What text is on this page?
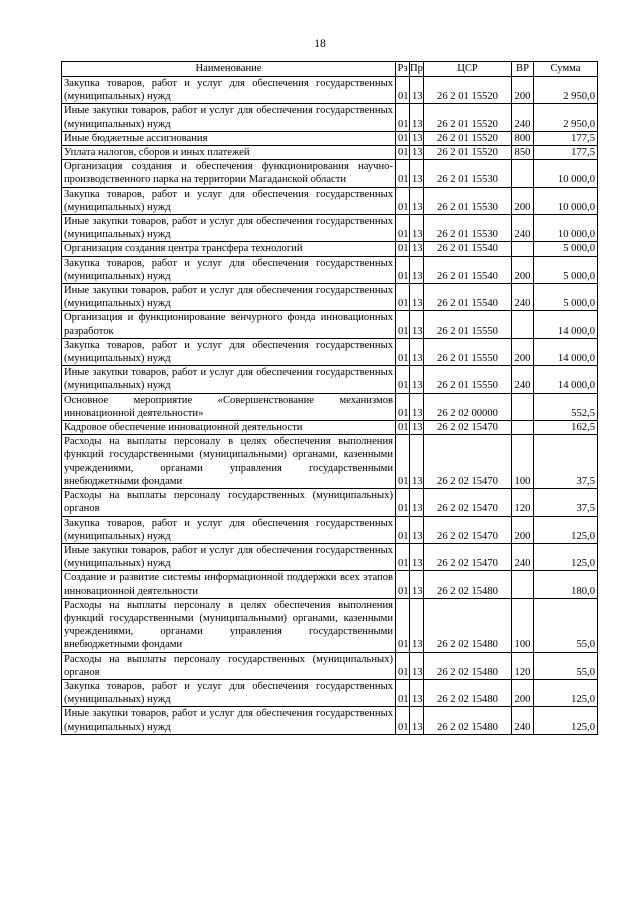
18
Наименование	Рз	Пр	ЦСР	ВР	Сумма
Закупка товаров, работ и услуг для обеспечения государственных (муниципальных) нужд	01	13	26 2 01 15520	200	2 950,0
Иные закупки товаров, работ и услуг для обеспечения государственных (муниципальных) нужд	01	13	26 2 01 15520	240	2 950,0
Иные бюджетные ассигнования	01	13	26 2 01 15520	800	177,5
Уплата налогов, сборов и иных платежей	01	13	26 2 01 15520	850	177,5
Организация создания и обеспечения функционирования научно-производственного парка на территории Магаданской области	01	13	26 2 01 15530		10 000,0
Закупка товаров, работ и услуг для обеспечения государственных (муниципальных) нужд	01	13	26 2 01 15530	200	10 000,0
Иные закупки товаров, работ и услуг для обеспечения государственных (муниципальных) нужд	01	13	26 2 01 15530	240	10 000,0
Организация создания центра трансфера технологий	01	13	26 2 01 15540		5 000,0
Закупка товаров, работ и услуг для обеспечения государственных (муниципальных) нужд	01	13	26 2 01 15540	200	5 000,0
Иные закупки товаров, работ и услуг для обеспечения государственных (муниципальных) нужд	01	13	26 2 01 15540	240	5 000,0
Организация и функционирование венчурного фонда инновационных разработок	01	13	26 2 01 15550		14 000,0
Закупка товаров, работ и услуг для обеспечения государственных (муниципальных) нужд	01	13	26 2 01 15550	200	14 000,0
Иные закупки товаров, работ и услуг для обеспечения государственных (муниципальных) нужд	01	13	26 2 01 15550	240	14 000,0
Основное мероприятие «Совершенствование механизмов инновационной деятельности»	01	13	26 2 02 00000		552,5
Кадровое обеспечение инновационной деятельности	01	13	26 2 02 15470		162,5
Расходы на выплаты персоналу в целях обеспечения выполнения функций государственными (муниципальными) органами, казенными учреждениями, органами управления государственными внебюджетными фондами	01	13	26 2 02 15470	100	37,5
Расходы на выплаты персоналу государственных (муниципальных) органов	01	13	26 2 02 15470	120	37,5
Закупка товаров, работ и услуг для обеспечения государственных (муниципальных) нужд	01	13	26 2 02 15470	200	125,0
Иные закупки товаров, работ и услуг для обеспечения государственных (муниципальных) нужд	01	13	26 2 02 15470	240	125,0
Создание и развитие системы информационной поддержки всех этапов инновационной деятельности	01	13	26 2 02 15480		180,0
Расходы на выплаты персоналу в целях обеспечения выполнения функций государственными (муниципальными) органами, казенными учреждениями, органами управления государственными внебюджетными фондами	01	13	26 2 02 15480	100	55,0
Расходы на выплаты персоналу государственных (муниципальных) органов	01	13	26 2 02 15480	120	55,0
Закупка товаров, работ и услуг для обеспечения государственных (муниципальных) нужд	01	13	26 2 02 15480	200	125,0
Иные закупки товаров, работ и услуг для обеспечения государственных (муниципальных) нужд	01	13	26 2 02 15480	240	125,0
